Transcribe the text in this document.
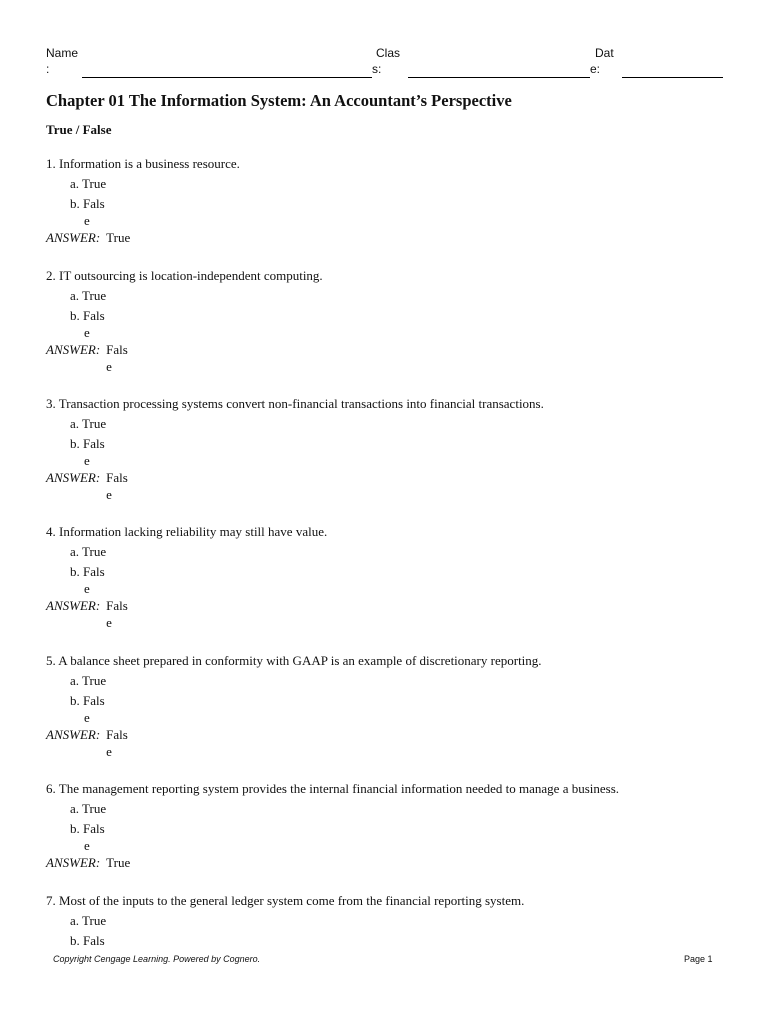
Name
:
Clas
s:
Dat
e:
Chapter 01 The Information System: An Accountant’s Perspective
True / False
1. Information is a business resource.
a. True
b. Fals
e
ANSWER: True
2. IT outsourcing is location-independent computing.
a. True
b. Fals
e
ANSWER: Fals
e
3. Transaction processing systems convert non-financial transactions into financial transactions.
a. True
b. Fals
e
ANSWER: Fals
e
4. Information lacking reliability may still have value.
a. True
b. Fals
e
ANSWER: Fals
e
5. A balance sheet prepared in conformity with GAAP is an example of discretionary reporting.
a. True
b. Fals
e
ANSWER: Fals
e
6. The management reporting system provides the internal financial information needed to manage a business.
a. True
b. Fals
e
ANSWER: True
7. Most of the inputs to the general ledger system come from the financial reporting system.
a. True
b. Fals
Copyright Cengage Learning. Powered by Cognero.	Page 1
